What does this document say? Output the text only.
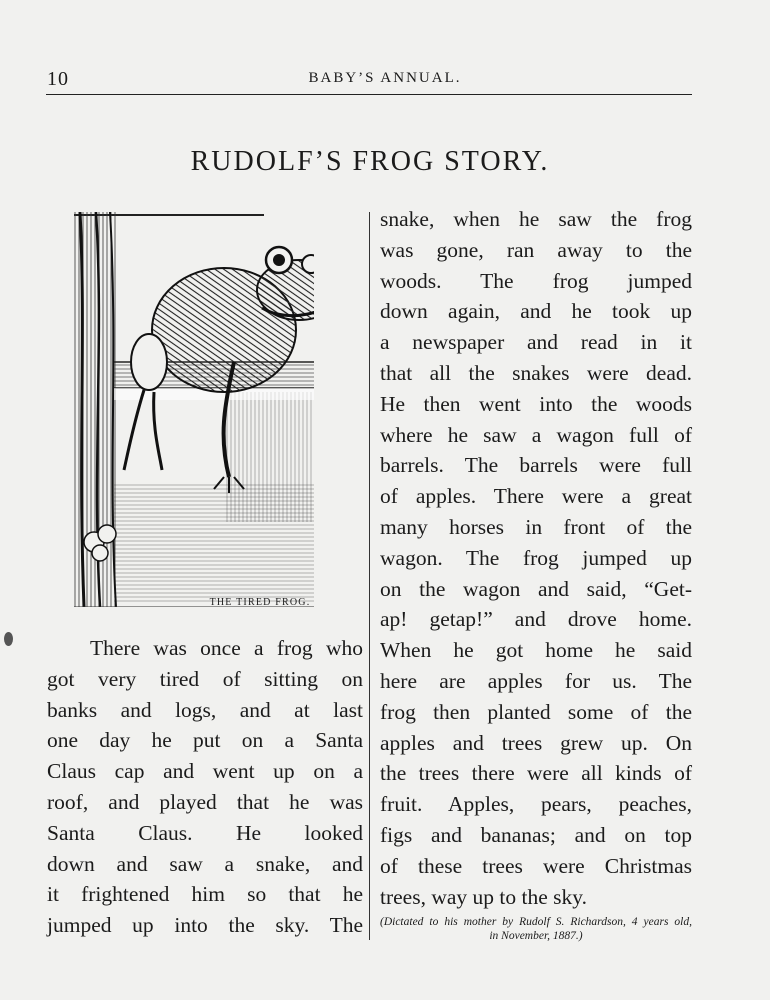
10	BABY’S ANNUAL.
RUDOLF’S FROG STORY.
THE TIRED FROG.

There was once a frog who
got very tired of sitting on
banks and logs, and at last
one day he put on a Santa
Claus cap and went up on a
roof, and played that he was
Santa Claus. He looked
down and saw a snake, and
it frightened him so that he
jumped up into the sky. The

snake, when he saw the frog
was gone, ran away to the
woods. The frog jumped
down again, and he took up
a newspaper and read in it
that all the snakes were dead.
He then went into the woods
where he saw a wagon full of
barrels. The barrels were full
of apples. There were a great
many horses in front of the
wagon. The frog jumped up
on the wagon and said, “Get-
ap! getap!” and drove home.
When he got home he said
here are apples for us. The
frog then planted some of the
apples and trees grew up. On
the trees there were all kinds of
fruit. Apples, pears, peaches,
figs and bananas; and on top
of these trees were Christmas
trees, way up to the sky.

(Dictated to his mother by Rudolf S. Richardson, 4 years old,
in November, 1887.)
